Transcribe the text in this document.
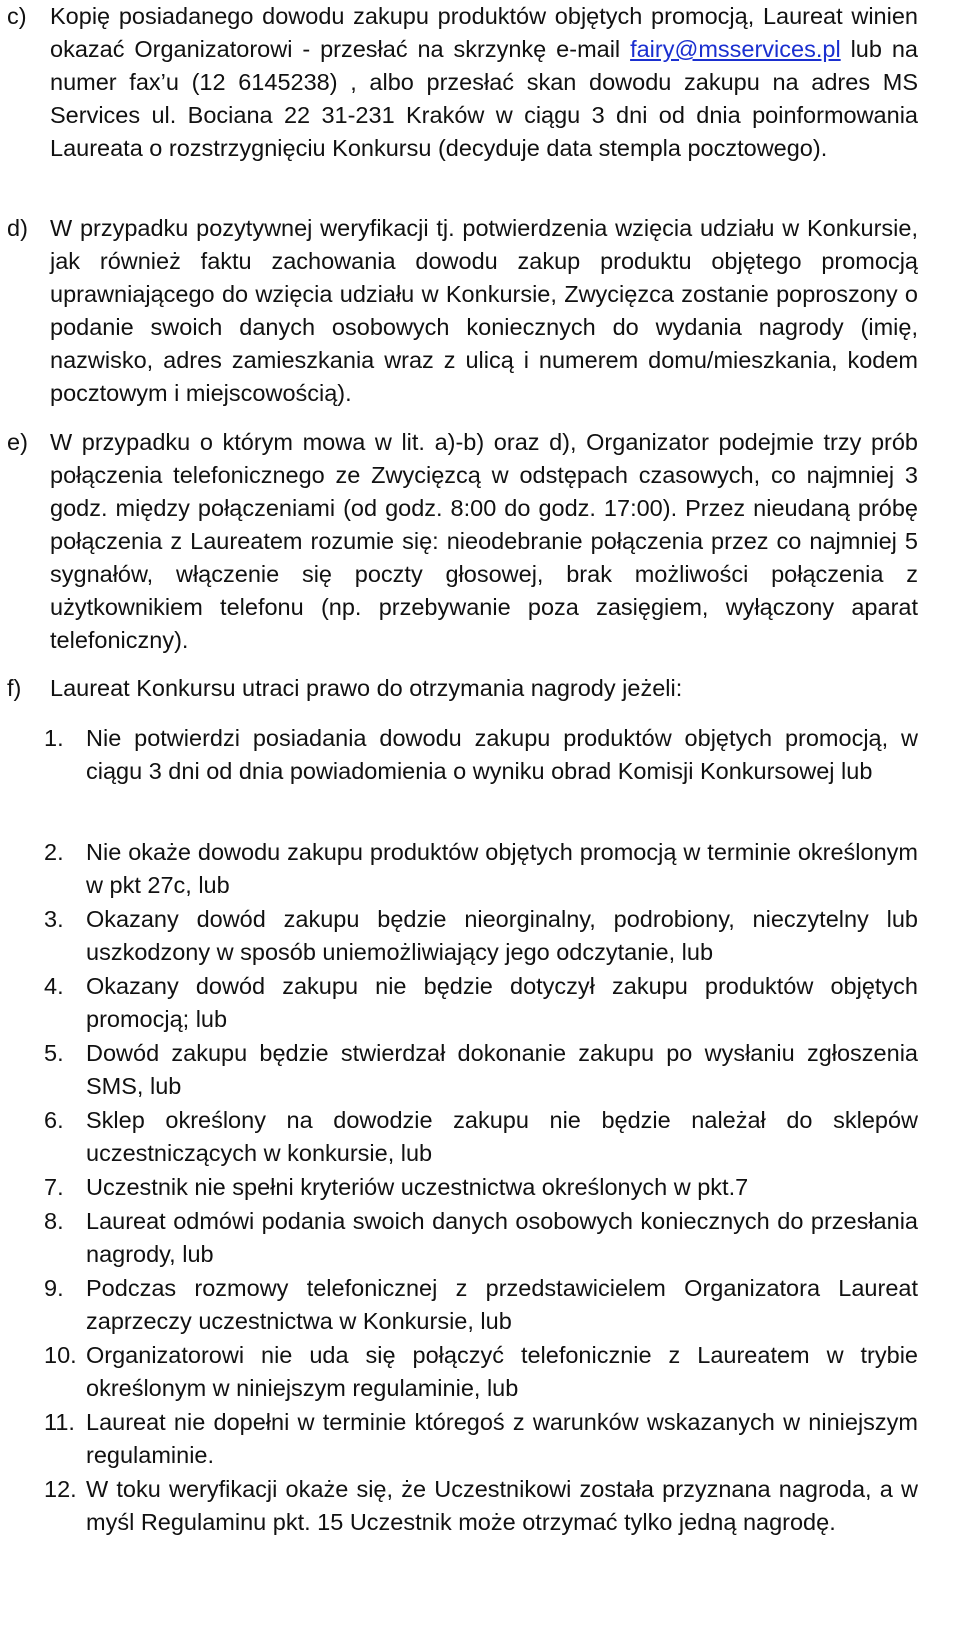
c) Kopię posiadanego dowodu zakupu produktów objętych promocją, Laureat winien okazać Organizatorowi - przesłać na skrzynkę e-mail fairy@msservices.pl lub na numer fax’u (12 6145238) , albo przesłać skan dowodu zakupu na adres MS Services ul. Bociana 22 31-231 Kraków w ciągu 3 dni od dnia poinformowania Laureata o rozstrzygnięciu Konkursu (decyduje data stempla pocztowego).
d) W przypadku pozytywnej weryfikacji tj. potwierdzenia wzięcia udziału w Konkursie, jak również faktu zachowania dowodu zakup produktu objętego promocją uprawniającego do wzięcia udziału w Konkursie, Zwycięzca zostanie poproszony o podanie swoich danych osobowych koniecznych do wydania nagrody (imię, nazwisko, adres zamieszkania wraz z ulicą i numerem domu/mieszkania, kodem pocztowym i miejscowością).
e) W przypadku o którym mowa w lit. a)-b) oraz d), Organizator podejmie trzy prób połączenia telefonicznego ze Zwycięzcą w odstępach czasowych, co najmniej 3 godz. między połączeniami (od godz. 8:00 do godz. 17:00). Przez nieudaną próbę połączenia z Laureatem rozumie się: nieodebranie połączenia przez co najmniej 5 sygnałów, włączenie się poczty głosowej, brak możliwości połączenia z użytkownikiem telefonu (np. przebywanie poza zasięgiem, wyłączony aparat telefoniczny).
f) Laureat Konkursu utraci prawo do otrzymania nagrody jeżeli:
1. Nie potwierdzi posiadania dowodu zakupu produktów objętych promocją, w ciągu 3 dni od dnia powiadomienia o wyniku obrad Komisji Konkursowej lub
2. Nie okaże dowodu zakupu produktów objętych promocją w terminie określonym w pkt 27c, lub
3. Okazany dowód zakupu będzie nieorginalny, podrobiony, nieczytelny lub uszkodzony w sposób uniemożliwiający jego odczytanie, lub
4. Okazany dowód zakupu nie będzie dotyczył zakupu produktów objętych promocją; lub
5. Dowód zakupu będzie stwierdzał dokonanie zakupu po wysłaniu zgłoszenia SMS, lub
6. Sklep określony na dowodzie zakupu nie będzie należał do sklepów uczestniczących w konkursie, lub
7. Uczestnik nie spełni kryteriów uczestnictwa określonych w pkt.7
8. Laureat odmówi podania swoich danych osobowych koniecznych do przesłania nagrody, lub
9. Podczas rozmowy telefonicznej z przedstawicielem Organizatora Laureat zaprzeczy uczestnictwa w Konkursie, lub
10. Organizatorowi nie uda się połączyć telefonicznie z Laureatem w trybie określonym w niniejszym regulaminie, lub
11. Laureat nie dopełni w terminie któregoś z warunków wskazanych w niniejszym regulaminie.
12. W toku weryfikacji okaże się, że Uczestnikowi została przyznana nagroda, a w myśl Regulaminu pkt. 15 Uczestnik może otrzymać tylko jedną nagrodę.
